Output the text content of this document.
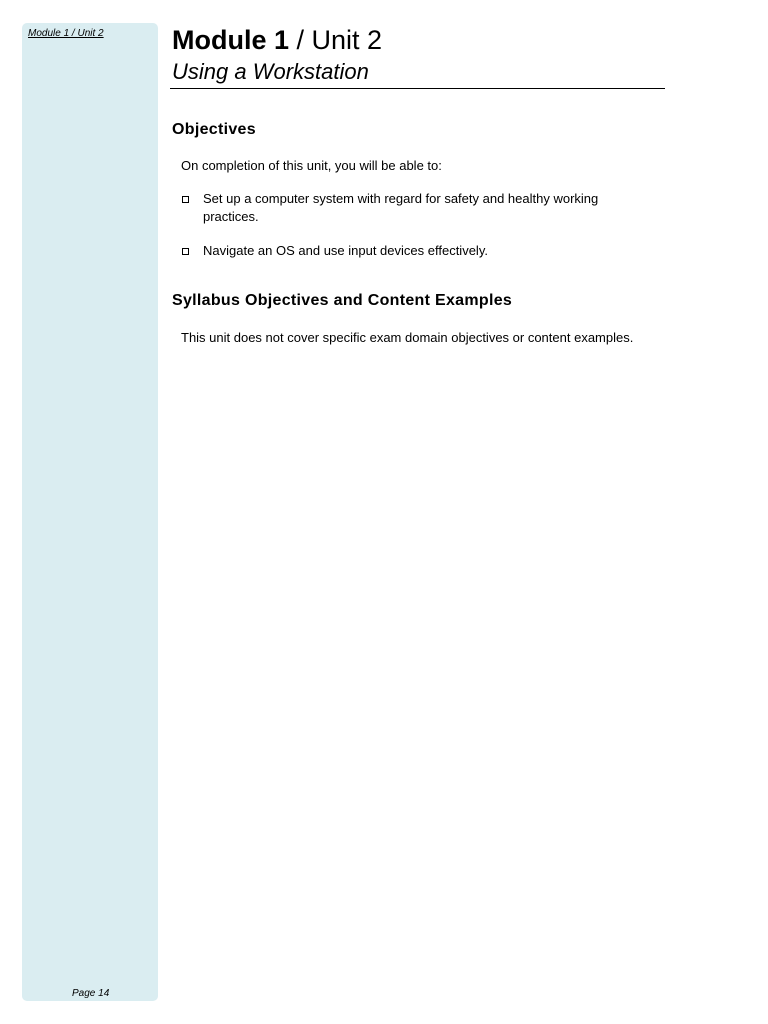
Module 1 / Unit 2
Page 14
Module 1 / Unit 2
Using a Workstation
Objectives
On completion of this unit, you will be able to:
Set up a computer system with regard for safety and healthy working practices.
Navigate an OS and use input devices effectively.
Syllabus Objectives and Content Examples
This unit does not cover specific exam domain objectives or content examples.
